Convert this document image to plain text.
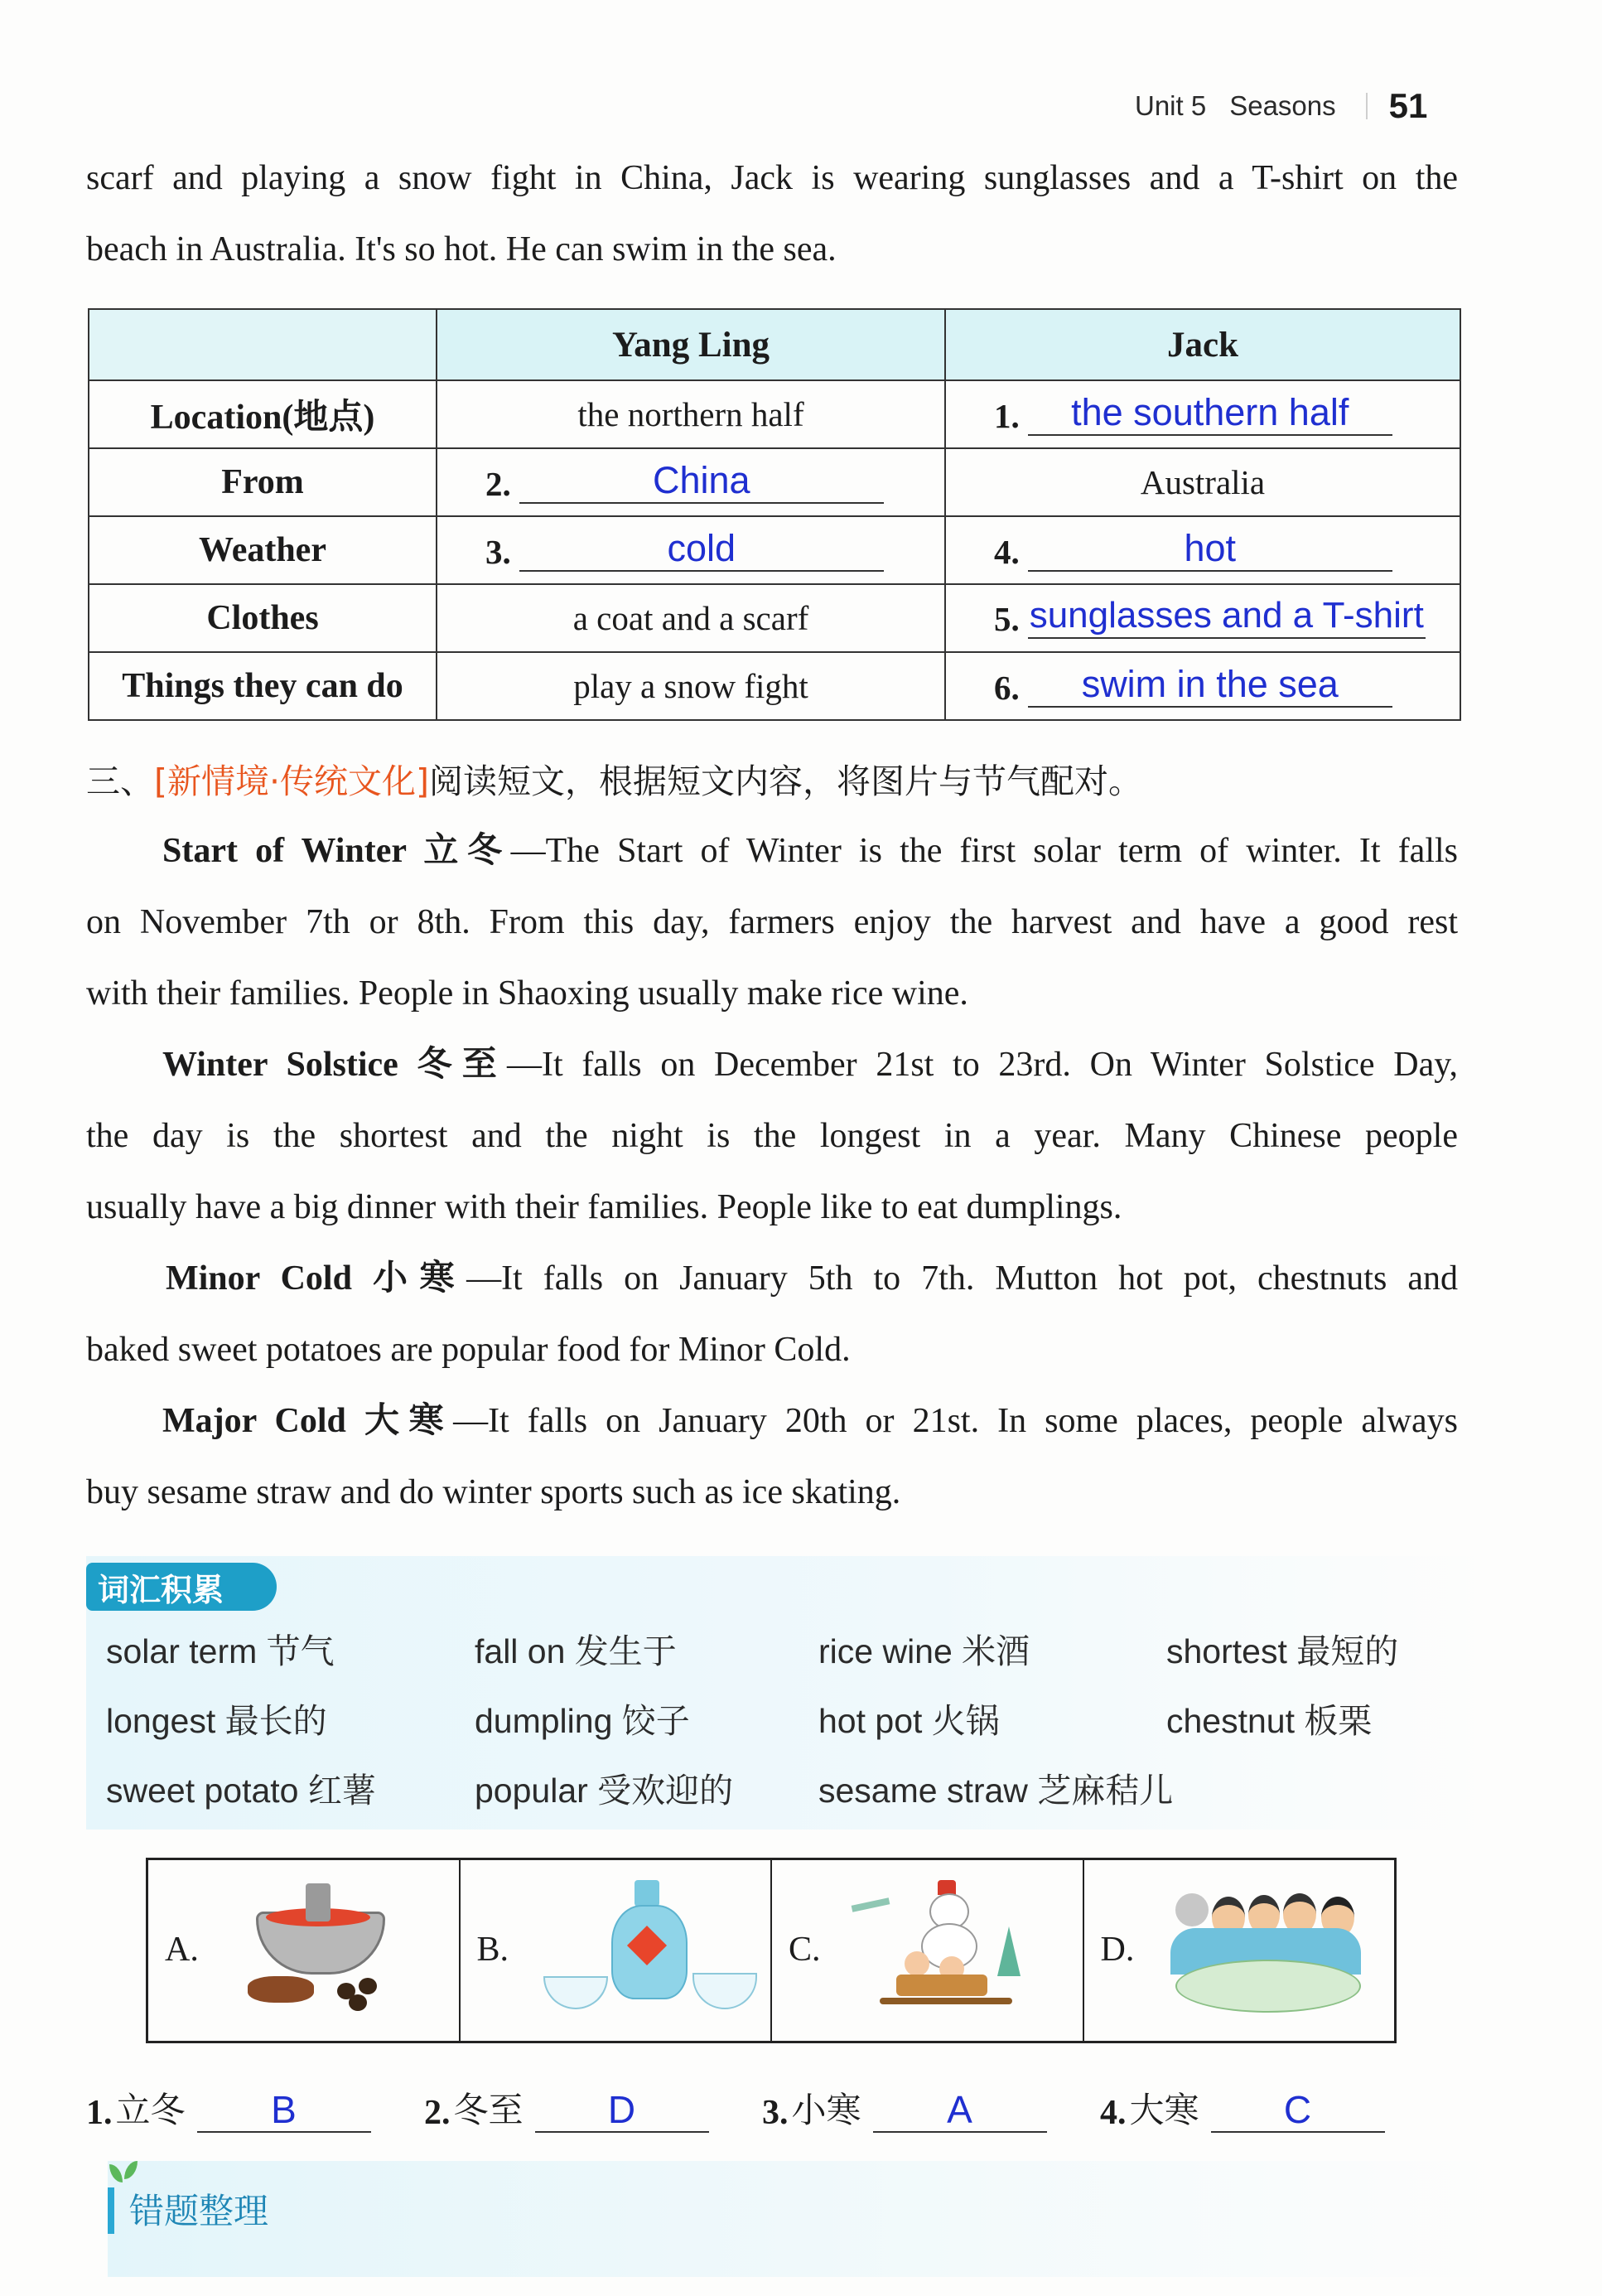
Unit 5 Seasons 51
scarf and playing a snow fight in China, Jack is wearing sunglasses and a T-shirt on the
beach in Australia. It's so hot. He can swim in the sea.
	Yang Ling	Jack
Location(地点)	the northern half	1. the southern half

From	2. China	Australia
Weather	3. cold	4. hot

Clothes	a coat and a scarf	5. sunglasses and a T-shirt

Things they can do	play a snow fight	6. swim in the sea
三、[新情境·传统文化]阅读短文，根据短文内容，将图片与节气配对。
Start of Winter 立冬—The Start of Winter is the first solar term of winter. It falls
on November 7th or 8th. From this day, farmers enjoy the harvest and have a good rest
with their families. People in Shaoxing usually make rice wine.
Winter Solstice 冬至—It falls on December 21st to 23rd. On Winter Solstice Day,
the day is the shortest and the night is the longest in a year. Many Chinese people
usually have a big dinner with their families. People like to eat dumplings.
Minor Cold 小寒—It falls on January 5th to 7th. Mutton hot pot, chestnuts and
baked sweet potatoes are popular food for Minor Cold.
Major Cold 大寒—It falls on January 20th or 21st. In some places, people always
buy sesame straw and do winter sports such as ice skating.
词汇积累
solar term 节气	fall on 发生于	rice wine 米酒	shortest 最短的
longest 最长的	dumpling 饺子	hot pot 火锅	chestnut 板栗
sweet potato 红薯	popular 受欢迎的	sesame straw 芝麻秸儿
A.	B.	C.	D.
1. 立冬	B	2. 冬至	D	3. 小寒	A	4. 大寒	C
错题整理
